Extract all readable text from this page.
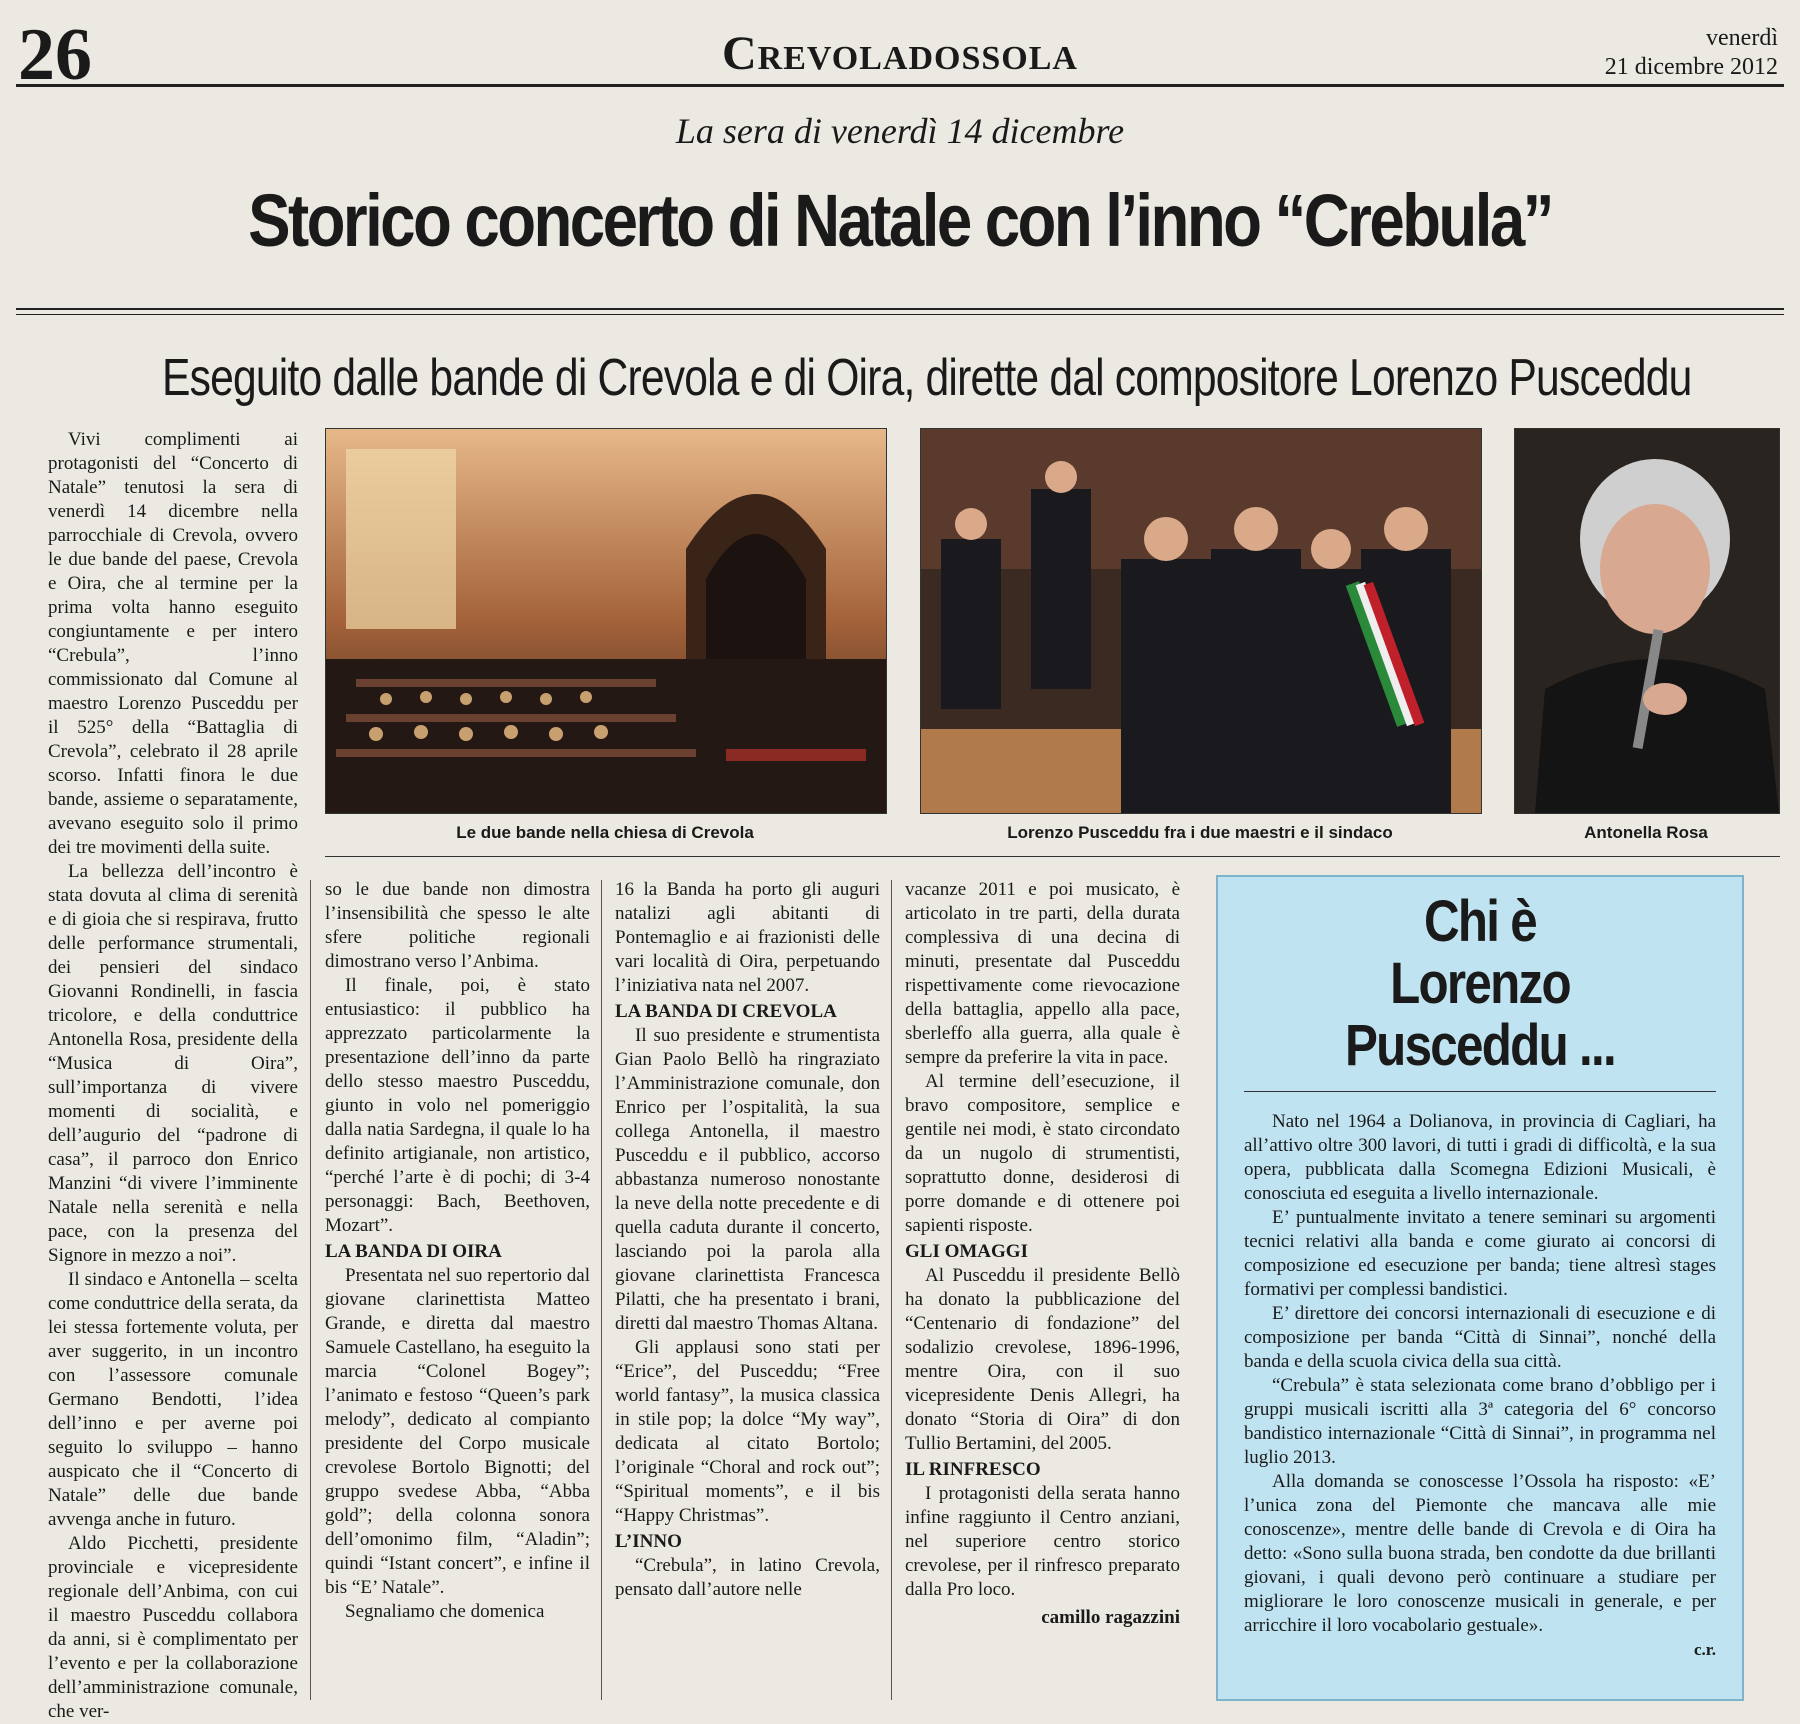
26	Crevoladossola	venerdì
21 dicembre 2012
La sera di venerdì 14 dicembre
Storico concerto di Natale con l’inno “Crebula”
Eseguito dalle bande di Crevola e di Oira, dirette dal compositore Lorenzo Pusceddu
Le due bande nella chiesa di Crevola	Lorenzo Pusceddu fra i due maestri e il sindaco	Antonella Rosa

Vivi complimenti ai protagonisti del “Concerto di Natale” tenutosi la sera di venerdì 14 dicembre nella parrocchiale di Crevola, ovvero le due bande del paese, Crevola e Oira, che al termine per la prima volta hanno eseguito congiuntamente e per intero “Crebula”, l’inno commissionato dal Comune al maestro Lorenzo Pusceddu per il 525° della “Battaglia di Crevola”, celebrato il 28 aprile scorso. Infatti finora le due bande, assieme o separatamente, avevano eseguito solo il primo dei tre movimenti della suite.

La bellezza dell’incontro è stata dovuta al clima di serenità e di gioia che si respirava, frutto delle performance strumentali, dei pensieri del sindaco Giovanni Rondinelli, in fascia tricolore, e della conduttrice Antonella Rosa, presidente della “Musica di Oira”, sull’importanza di vivere momenti di socialità, e dell’augurio del “padrone di casa”, il parroco don Enrico Manzini “di vivere l’imminente Natale nella serenità e nella pace, con la presenza del Signore in mezzo a noi”.

Il sindaco e Antonella – scelta come conduttrice della serata, da lei stessa fortemente voluta, per aver suggerito, in un incontro con l’assessore comunale Germano Bendotti, l’idea dell’inno e per averne poi seguito lo sviluppo – hanno auspicato che il “Concerto di Natale” delle due bande avvenga anche in futuro.

Aldo Picchetti, presidente provinciale e vicepresidente regionale dell’Anbima, con cui il maestro Pusceddu collabora da anni, si è complimentato per l’evento e per la collaborazione dell’amministrazione comunale, che ver-

so le due bande non dimostra l’insensibilità che spesso le alte sfere politiche regionali dimostrano verso l’Anbima.

Il finale, poi, è stato entusiastico: il pubblico ha apprezzato particolarmente la presentazione dell’inno da parte dello stesso maestro Pusceddu, giunto in volo nel pomeriggio dalla natia Sardegna, il quale lo ha definito artigianale, non artistico, “perché l’arte è di pochi; di 3-4 personaggi: Bach, Beethoven, Mozart”.

LA BANDA DI OIRA

Presentata nel suo repertorio dal giovane clarinettista Matteo Grande, e diretta dal maestro Samuele Castellano, ha eseguito la marcia “Colonel Bogey”; l’animato e festoso “Queen’s park melody”, dedicato al compianto presidente del Corpo musicale crevolese Bortolo Bignotti; del gruppo svedese Abba, “Abba gold”; della colonna sonora dell’omonimo film, “Aladin”; quindi “Istant concert”, e infine il bis “E’ Natale”.

Segnaliamo che domenica

16 la Banda ha porto gli auguri natalizi agli abitanti di Pontemaglio e ai frazionisti delle vari località di Oira, perpetuando l’iniziativa nata nel 2007.

LA BANDA DI CREVOLA

Il suo presidente e strumentista Gian Paolo Bellò ha ringraziato l’Amministrazione comunale, don Enrico per l’ospitalità, la sua collega Antonella, il maestro Pusceddu e il pubblico, accorso abbastanza numeroso nonostante la neve della notte precedente e di quella caduta durante il concerto, lasciando poi la parola alla giovane clarinettista Francesca Pilatti, che ha presentato i brani, diretti dal maestro Thomas Altana.

Gli applausi sono stati per “Erice”, del Pusceddu; “Free world fantasy”, la musica classica in stile pop; la dolce “My way”, dedicata al citato Bortolo; l’originale “Choral and rock out”; “Spiritual moments”, e il bis “Happy Christmas”.

L’INNO

“Crebula”, in latino Crevola, pensato dall’autore nelle

vacanze 2011 e poi musicato, è articolato in tre parti, della durata complessiva di una decina di minuti, presentate dal Pusceddu rispettivamente come rievocazione della battaglia, appello alla pace, sberleffo alla guerra, alla quale è sempre da preferire la vita in pace.

Al termine dell’esecuzione, il bravo compositore, semplice e gentile nei modi, è stato circondato da un nugolo di strumentisti, soprattutto donne, desiderosi di porre domande e di ottenere poi sapienti risposte.

GLI OMAGGI

Al Pusceddu il presidente Bellò ha donato la pubblicazione del “Centenario di fondazione” del sodalizio crevolese, 1896-1996, mentre Oira, con il suo vicepresidente Denis Allegri, ha donato “Storia di Oira” di don Tullio Bertamini, del 2005.

IL RINFRESCO

I protagonisti della serata hanno infine raggiunto il Centro anziani, nel superiore centro storico crevolese, per il rinfresco preparato dalla Pro loco.

camillo ragazzini
Chi è
Lorenzo Pusceddu ...

Nato nel 1964 a Dolianova, in provincia di Cagliari, ha all’attivo oltre 300 lavori, di tutti i gradi di difficoltà, e la sua opera, pubblicata dalla Scomegna Edizioni Musicali, è conosciuta ed eseguita a livello internazionale.

E’ puntualmente invitato a tenere seminari su argomenti tecnici relativi alla banda e come giurato ai concorsi di composizione ed esecuzione per banda; tiene altresì stages formativi per complessi bandistici.

E’ direttore dei concorsi internazionali di esecuzione e di composizione per banda “Città di Sinnai”, nonché della banda e della scuola civica della sua città.

“Crebula” è stata selezionata come brano d’obbligo per i gruppi musicali iscritti alla 3ª categoria del 6° concorso bandistico internazionale “Città di Sinnai”, in programma nel luglio 2013.

Alla domanda se conoscesse l’Ossola ha risposto: «E’ l’unica zona del Piemonte che mancava alle mie conoscenze», mentre delle bande di Crevola e di Oira ha detto: «Sono sulla buona strada, ben condotte da due brillanti giovani, i quali devono però continuare a studiare per migliorare le loro conoscenze musicali in generale, e per arricchire il loro vocabolario gestuale».

c.r.
